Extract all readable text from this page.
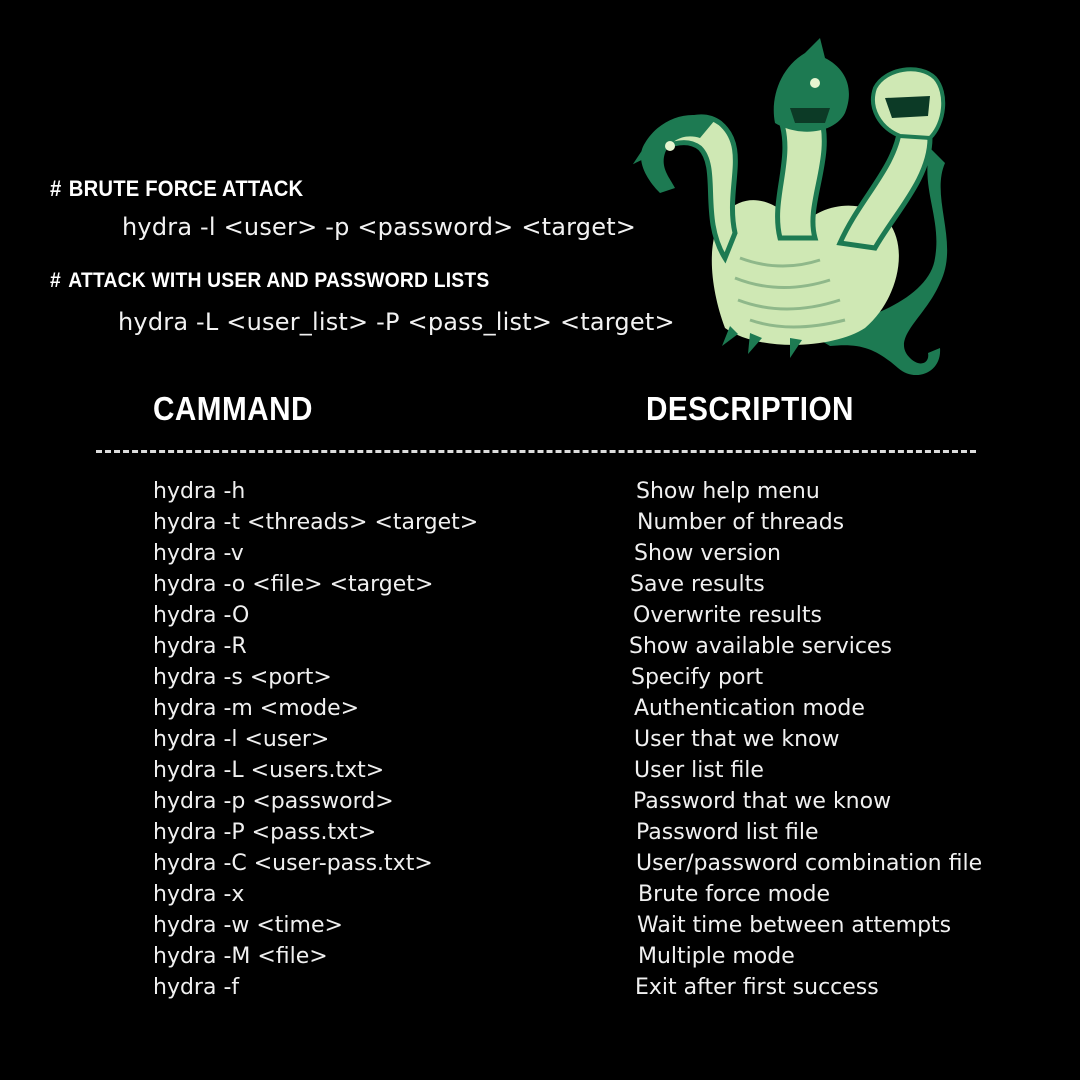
# BRUTE FORCE ATTACK
hydra -l <user> -p <password> <target>
# ATTACK WITH USER AND PASSWORD LISTS
hydra -L <user_list> -P <pass_list> <target>
CAMMAND	DESCRIPTION
hydra -h	Show help menu
hydra -t <threads> <target>	Number of threads
hydra -v	Show version
hydra -o <file> <target>	Save results
hydra -O	Overwrite results
hydra -R	Show available services
hydra -s <port>	Specify port
hydra -m <mode>	Authentication mode
hydra -l <user>	User that we know
hydra -L <users.txt>	User list file
hydra -p <password>	Password that we know
hydra -P <pass.txt>	Password list file
hydra -C <user-pass.txt>	User/password combination file
hydra -x	Brute force mode
hydra -w <time>	Wait time between attempts
hydra -M <file>	Multiple mode
hydra -f	Exit after first success
